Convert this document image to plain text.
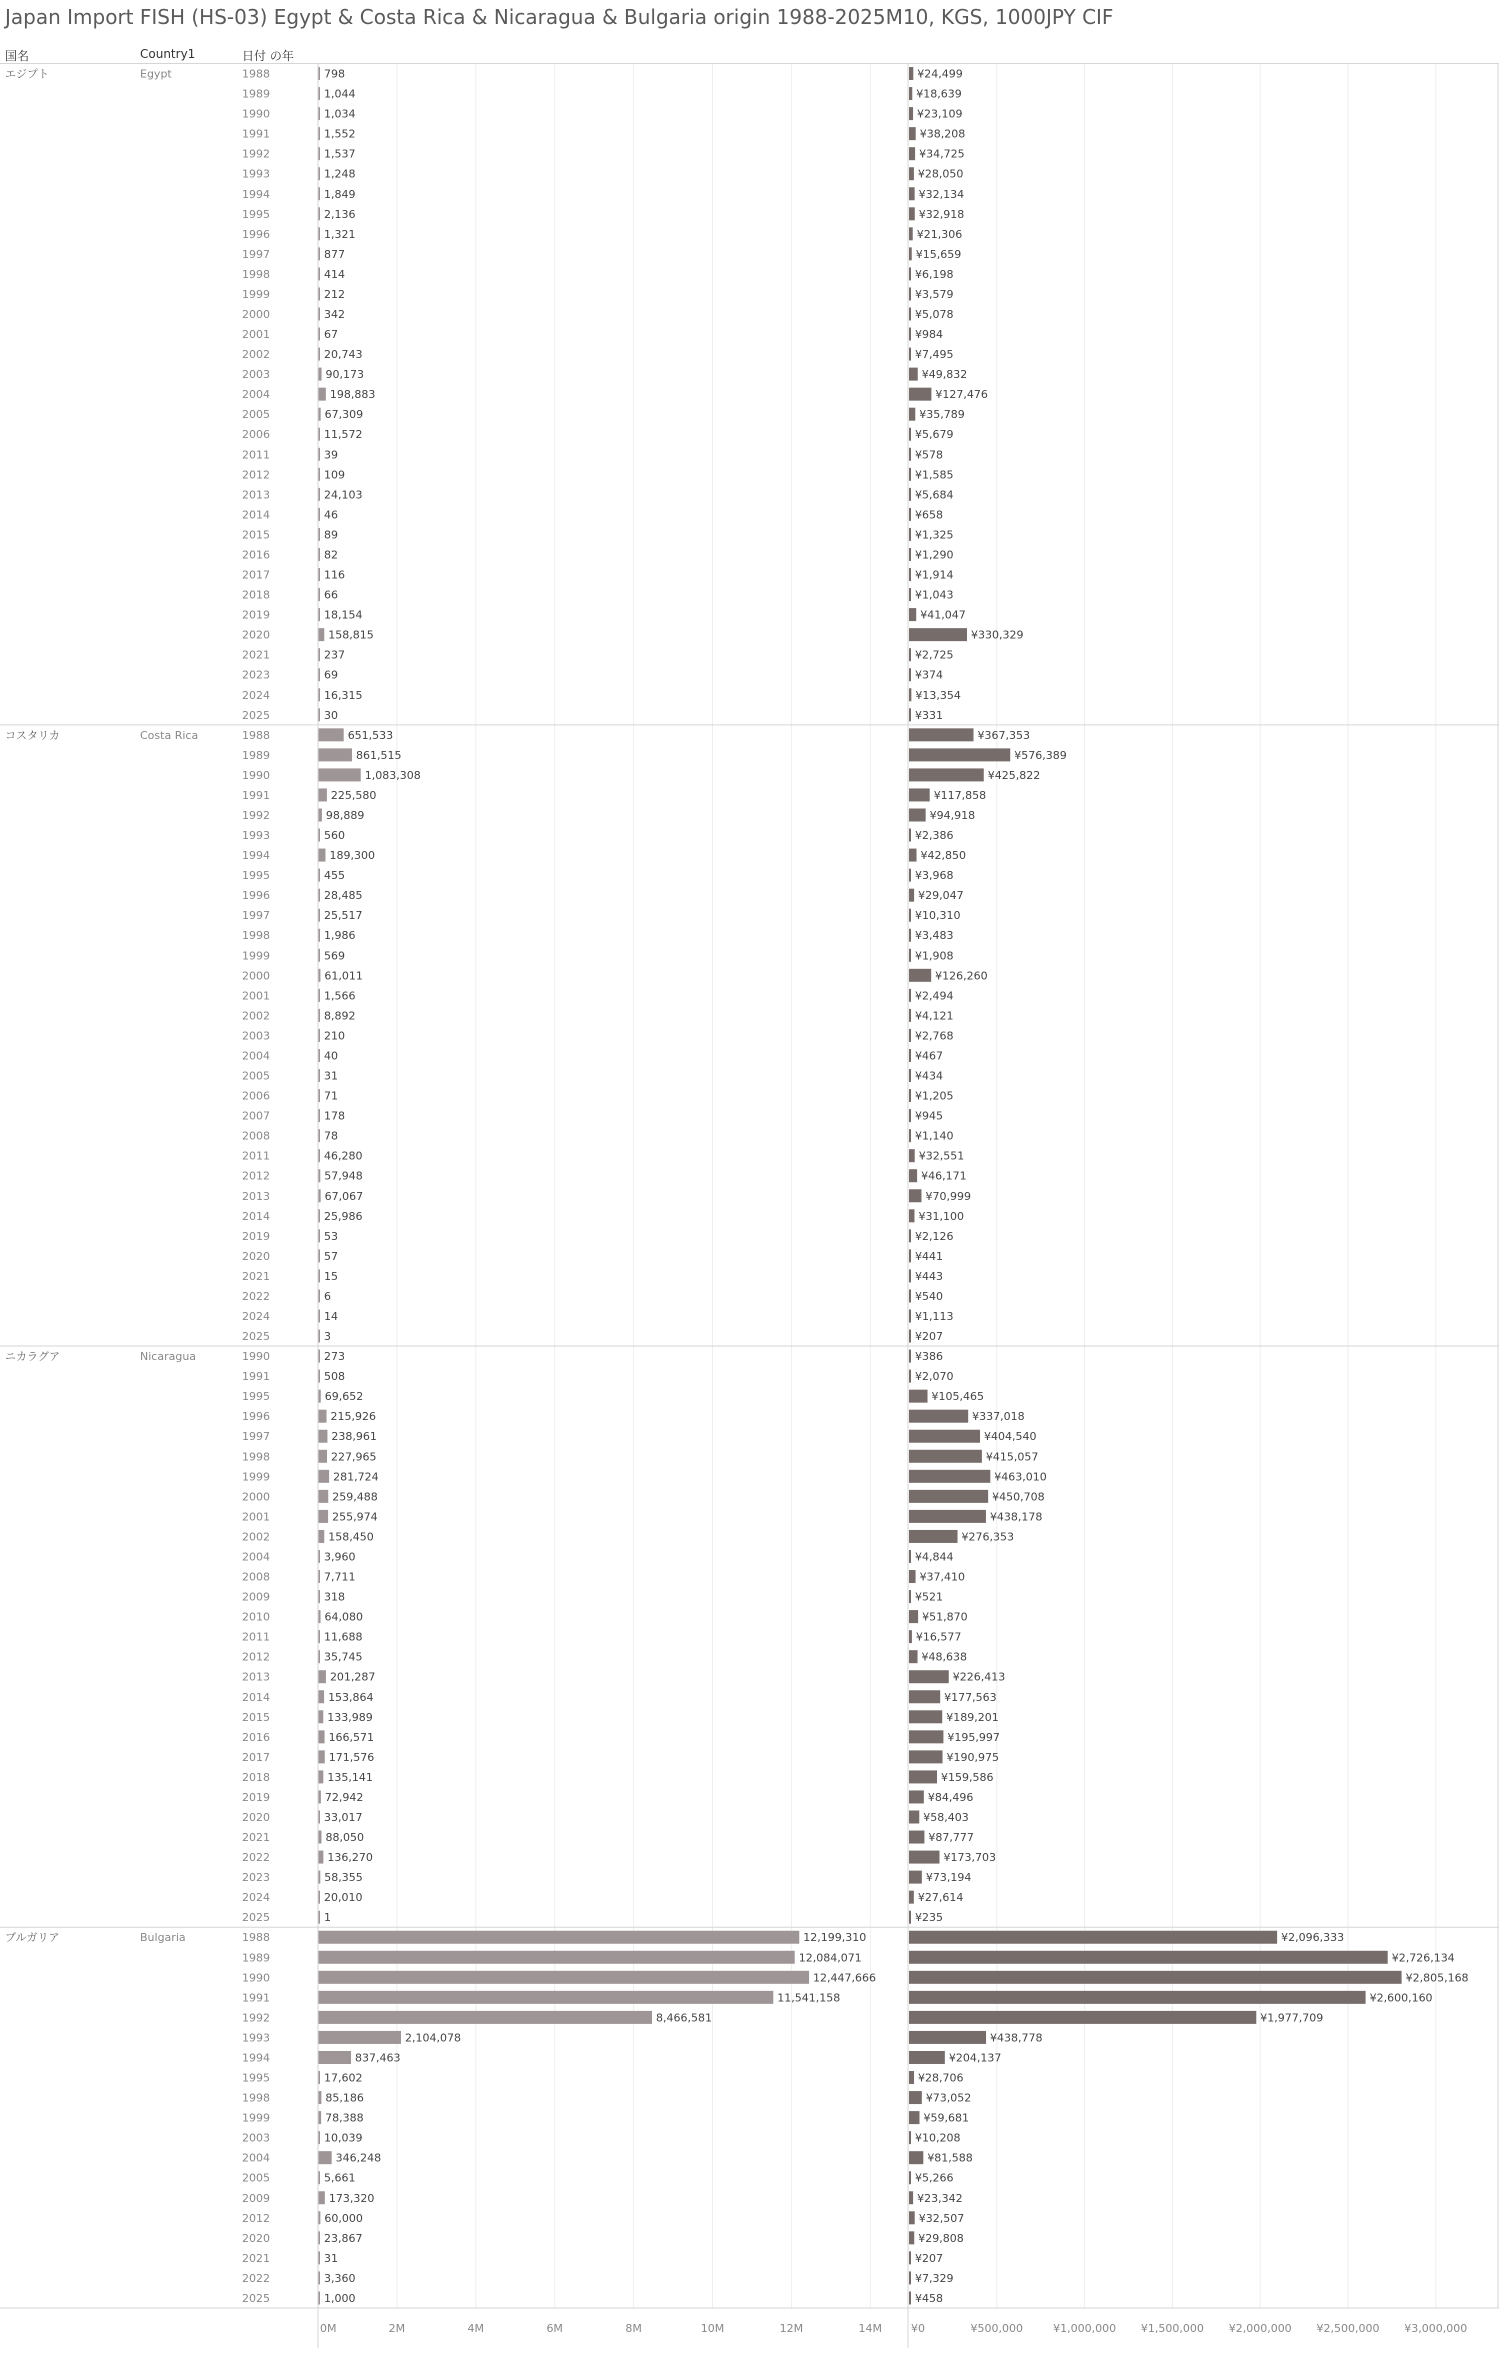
Japan Import FISH (HS-03) Egypt & Costa Rica & Nicaragua & Bulgaria origin 1988-2025M10, KGS, 1000JPY CIF
国名	Country1	日付 の年
エジプト	Egypt	1988	798	¥24,499
1989	1,044	¥18,639
1990	1,034	¥23,109
1991	1,552	¥38,208
1992	1,537	¥34,725
1993	1,248	¥28,050
1994	1,849	¥32,134
1995	2,136	¥32,918
1996	1,321	¥21,306
1997	877	¥15,659
1998	414	¥6,198
1999	212	¥3,579
2000	342	¥5,078
2001	67	¥984
2002	20,743	¥7,495
2003	90,173	¥49,832
2004	198,883	¥127,476
2005	67,309	¥35,789
2006	11,572	¥5,679
2011	39	¥578
2012	109	¥1,585
2013	24,103	¥5,684
2014	46	¥658
2015	89	¥1,325
2016	82	¥1,290
2017	116	¥1,914
2018	66	¥1,043
2019	18,154	¥41,047
2020	158,815	¥330,329
2021	237	¥2,725
2023	69	¥374
2024	16,315	¥13,354
2025	30	¥331
コスタリカ	Costa Rica	1988	651,533	¥367,353
1989	861,515	¥576,389
1990	1,083,308	¥425,822
1991	225,580	¥117,858
1992	98,889	¥94,918
1993	560	¥2,386
1994	189,300	¥42,850
1995	455	¥3,968
1996	28,485	¥29,047
1997	25,517	¥10,310
1998	1,986	¥3,483
1999	569	¥1,908
2000	61,011	¥126,260
2001	1,566	¥2,494
2002	8,892	¥4,121
2003	210	¥2,768
2004	40	¥467
2005	31	¥434
2006	71	¥1,205
2007	178	¥945
2008	78	¥1,140
2011	46,280	¥32,551
2012	57,948	¥46,171
2013	67,067	¥70,999
2014	25,986	¥31,100
2019	53	¥2,126
2020	57	¥441
2021	15	¥443
2022	6	¥540
2024	14	¥1,113
2025	3	¥207
ニカラグア	Nicaragua	1990	273	¥386
1991	508	¥2,070
1995	69,652	¥105,465
1996	215,926	¥337,018
1997	238,961	¥404,540
1998	227,965	¥415,057
1999	281,724	¥463,010
2000	259,488	¥450,708
2001	255,974	¥438,178
2002	158,450	¥276,353
2004	3,960	¥4,844
2008	7,711	¥37,410
2009	318	¥521
2010	64,080	¥51,870
2011	11,688	¥16,577
2012	35,745	¥48,638
2013	201,287	¥226,413
2014	153,864	¥177,563
2015	133,989	¥189,201
2016	166,571	¥195,997
2017	171,576	¥190,975
2018	135,141	¥159,586
2019	72,942	¥84,496
2020	33,017	¥58,403
2021	88,050	¥87,777
2022	136,270	¥173,703
2023	58,355	¥73,194
2024	20,010	¥27,614
2025	1	¥235
ブルガリア	Bulgaria	1988	12,199,310	¥2,096,333
1989	12,084,071	¥2,726,134
1990	12,447,666	¥2,805,168
1991	11,541,158	¥2,600,160
1992	8,466,581	¥1,977,709
1993	2,104,078	¥438,778
1994	837,463	¥204,137
1995	17,602	¥28,706
1998	85,186	¥73,052
1999	78,388	¥59,681
2003	10,039	¥10,208
2004	346,248	¥81,588
2005	5,661	¥5,266
2009	173,320	¥23,342
2012	60,000	¥32,507
2020	23,867	¥29,808
2021	31	¥207
2022	3,360	¥7,329
2025	1,000	¥458
0M	2M	4M	6M	8M	10M	12M	14M	¥0	¥500,000	¥1,000,000 ¥1,500,000 ¥2,000,000 ¥2,500,000 ¥3,000,000
